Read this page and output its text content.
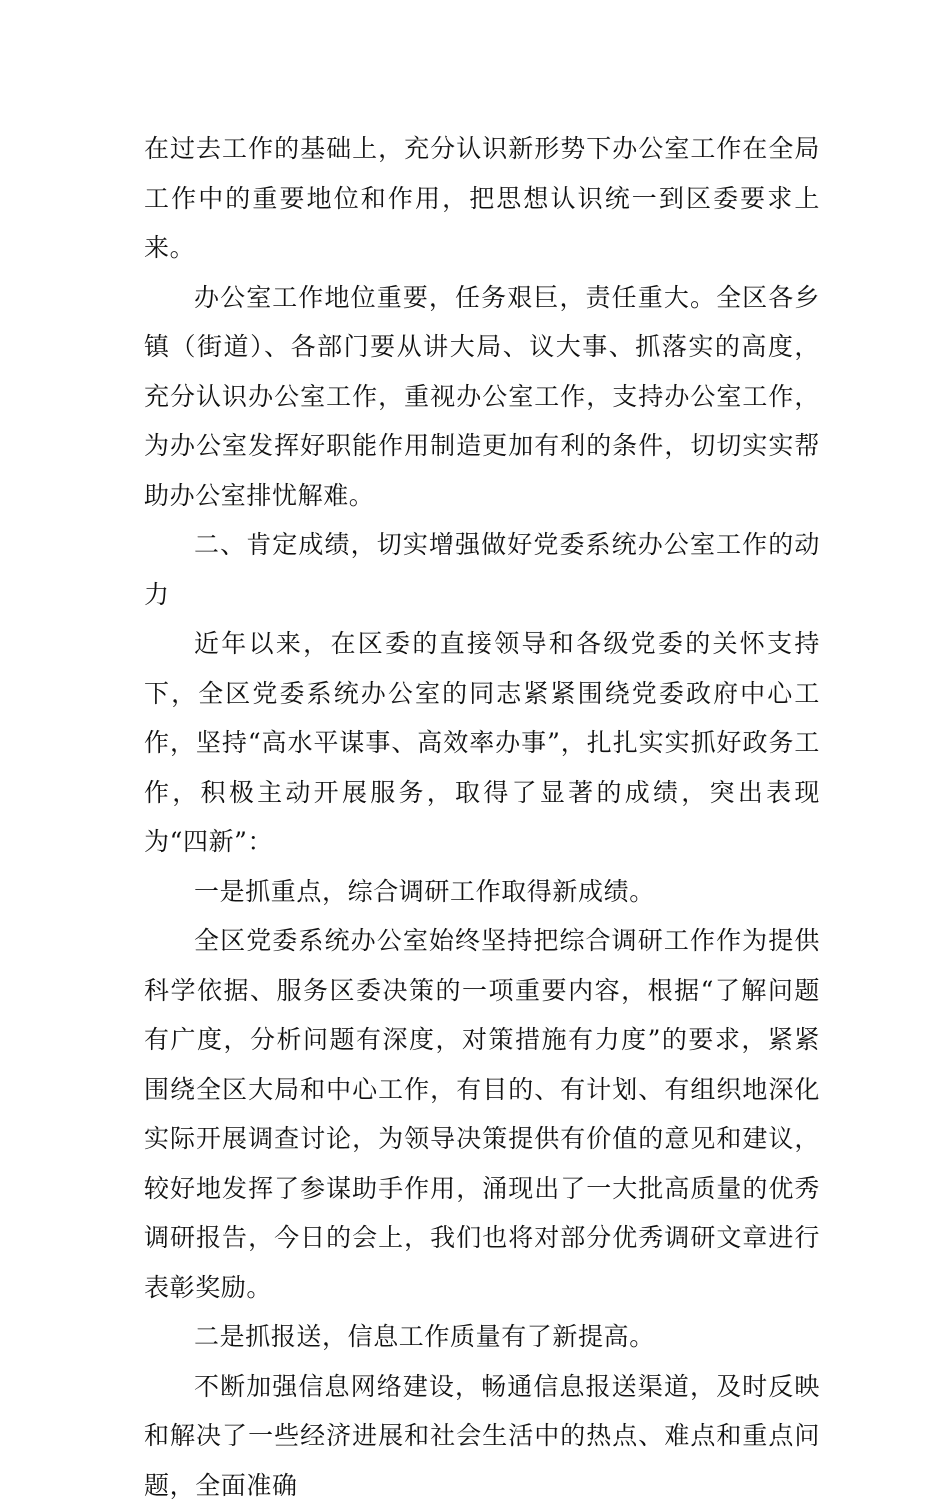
在过去工作的基础上，充分认识新形势下办公室工作在全局工作中的重要地位和作用，把思想认识统一到区委要求上来。

办公室工作地位重要，任务艰巨，责任重大。全区各乡镇（街道）、各部门要从讲大局、议大事、抓落实的高度，充分认识办公室工作，重视办公室工作，支持办公室工作，为办公室发挥好职能作用制造更加有利的条件，切切实实帮助办公室排忧解难。

二、肯定成绩，切实增强做好党委系统办公室工作的动力

近年以来，在区委的直接领导和各级党委的关怀支持下，全区党委系统办公室的同志紧紧围绕党委政府中心工作，坚持“高水平谋事、高效率办事”，扎扎实实抓好政务工作，积极主动开展服务，取得了显著的成绩，突出表现为“四新”：

一是抓重点，综合调研工作取得新成绩。

全区党委系统办公室始终坚持把综合调研工作作为提供科学依据、服务区委决策的一项重要内容，根据“了解问题有广度，分析问题有深度，对策措施有力度”的要求，紧紧围绕全区大局和中心工作，有目的、有计划、有组织地深化实际开展调查讨论，为领导决策提供有价值的意见和建议，较好地发挥了参谋助手作用，涌现出了一大批高质量的优秀调研报告，今日的会上，我们也将对部分优秀调研文章进行表彰奖励。

二是抓报送，信息工作质量有了新提高。

不断加强信息网络建设，畅通信息报送渠道，及时反映和解决了一些经济进展和社会生活中的热点、难点和重点问题，全面准确
